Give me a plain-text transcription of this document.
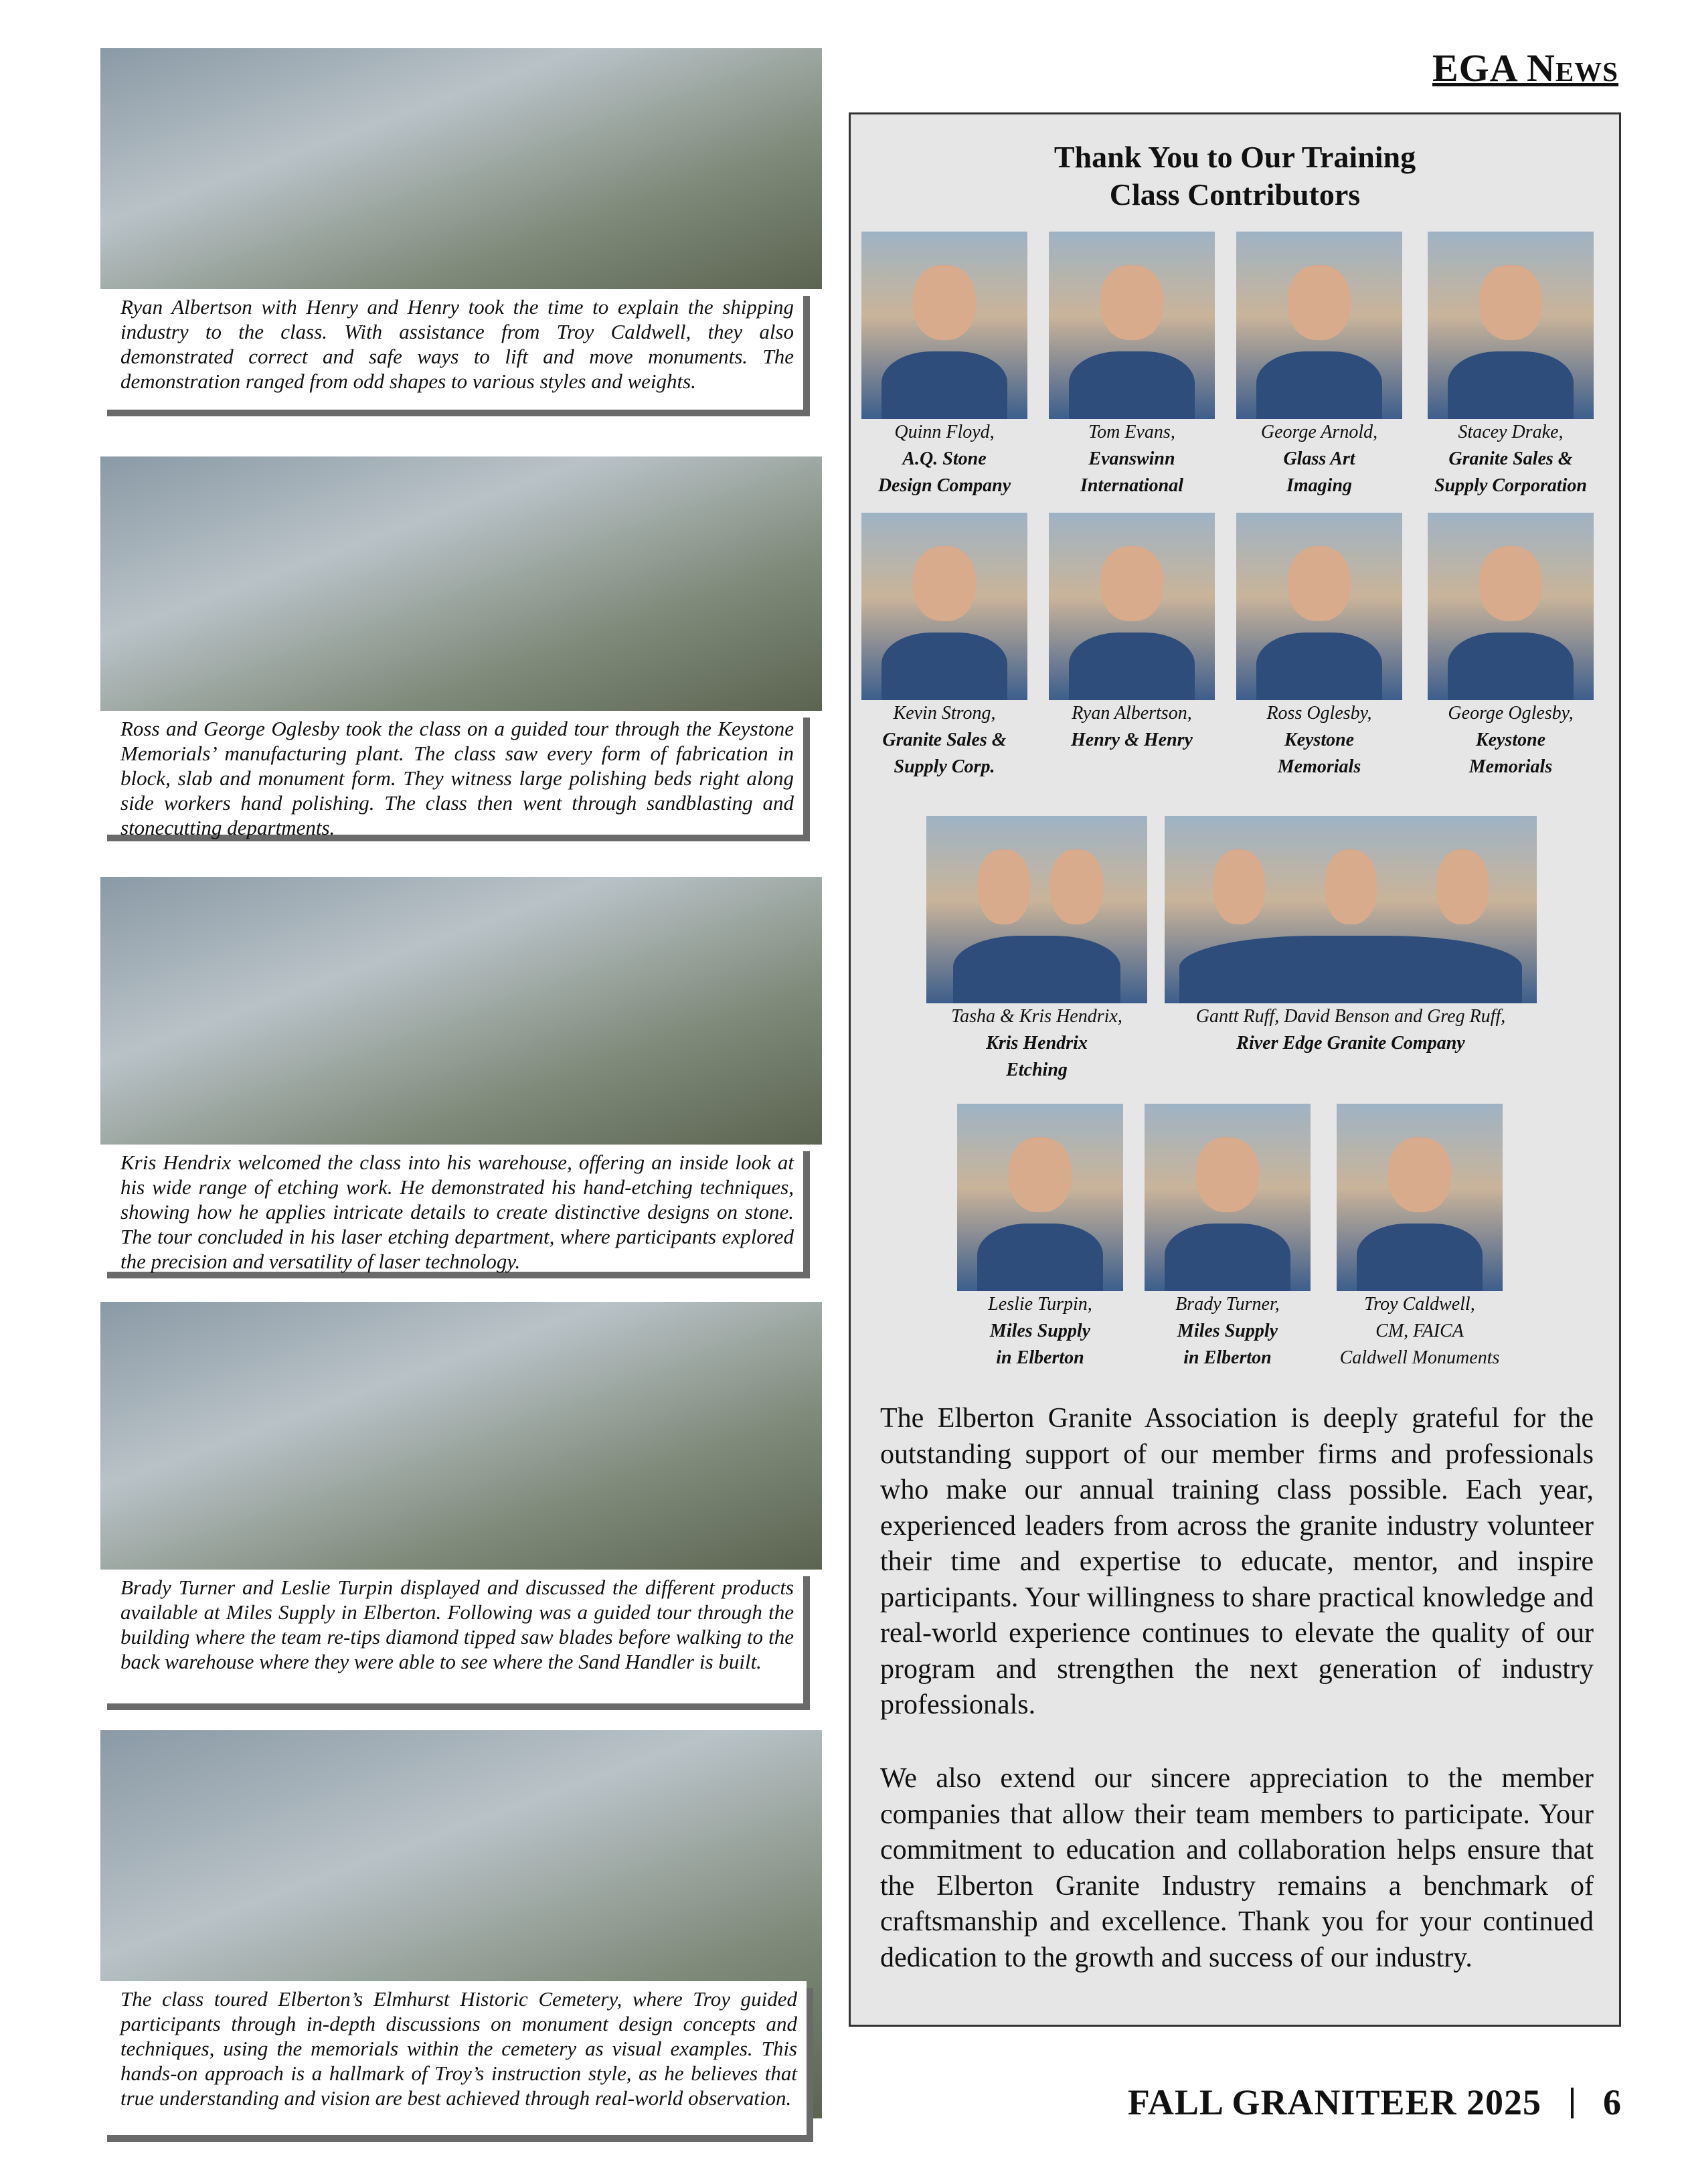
EGA News
Ryan Albertson with Henry and Henry took the time to explain the shipping industry to the class. With assistance from Troy Caldwell, they also demonstrated correct and safe ways to lift and move monuments. The demonstration ranged from odd shapes to various styles and weights.
Ross and George Oglesby took the class on a guided tour through the Keystone Memorials’ manufacturing plant. The class saw every form of fabrication in block, slab and monument form. They witness large polishing beds right along side workers hand polishing. The class then went through sandblasting and stonecutting departments.
Kris Hendrix welcomed the class into his warehouse, offering an inside look at his wide range of etching work. He demonstrated his hand-etching techniques, showing how he applies intricate details to create distinctive designs on stone. The tour concluded in his laser etching department, where participants explored the precision and versatility of laser technology.
Brady Turner and Leslie Turpin displayed and discussed the different products available at Miles Supply in Elberton. Following was a guided tour through the building where the team re-tips diamond tipped saw blades before walking to the back warehouse where they were able to see where the Sand Handler is built.
The class toured Elberton’s Elmhurst Historic Cemetery, where Troy guided participants through in-depth discussions on monument design concepts and techniques, using the memorials within the cemetery as visual examples. This hands-on approach is a hallmark of Troy’s instruction style, as he believes that true understanding and vision are best achieved through real-world observation.
Thank You to Our Training
Class Contributors
Quinn Floyd,
A.Q. Stone
Design Company
Tom Evans,
Evanswinn
International
George Arnold,
Glass Art
Imaging
Stacey Drake,
Granite Sales &
Supply Corporation
Kevin Strong,
Granite Sales &
Supply Corp.
Ryan Albertson,
Henry & Henry
Ross Oglesby,
Keystone
Memorials
George Oglesby,
Keystone
Memorials
Tasha & Kris Hendrix,
Kris Hendrix
Etching
Gantt Ruff, David Benson and Greg Ruff,
River Edge Granite Company
Leslie Turpin,
Miles Supply
in Elberton
Brady Turner,
Miles Supply
in Elberton
Troy Caldwell,
CM, FAICA
Caldwell Monuments
The Elberton Granite Association is deeply grateful for the outstanding support of our member firms and professionals who make our annual training class possible. Each year, experienced leaders from across the granite industry volunteer their time and expertise to educate, mentor, and inspire participants. Your willingness to share practical knowledge and real-world experience continues to elevate the quality of our program and strengthen the next generation of industry professionals.
We also extend our sincere appreciation to the member companies that allow their team members to participate. Your commitment to education and collaboration helps ensure that the Elberton Granite Industry remains a benchmark of craftsmanship and excellence. Thank you for your continued dedication to the growth and success of our industry.
FALL GRANITEER 2025 6
